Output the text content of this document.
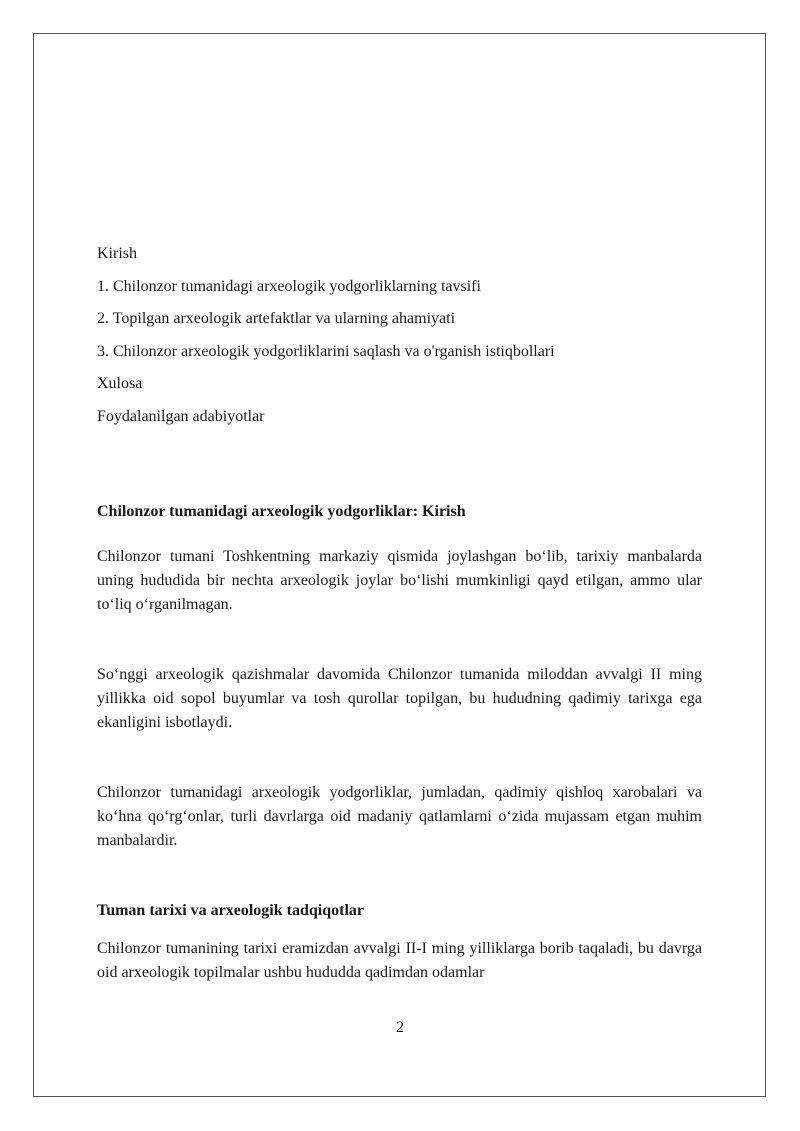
Kirish

1. Chilonzor tumanidagi arxeologik yodgorliklarning tavsifi

2. Topilgan arxeologik artefaktlar va ularning ahamiyati

3. Chilonzor arxeologik yodgorliklarini saqlash va o'rganish istiqbollari

Xulosa

Foydalanilgan adabiyotlar

Chilonzor tumanidagi arxeologik yodgorliklar: Kirish

Chilonzor tumani Toshkentning markaziy qismida joylashgan bo‘lib, tarixiy manbalarda uning hududida bir nechta arxeologik joylar bo‘lishi mumkinligi qayd etilgan, ammo ular to‘liq o‘rganilmagan.

So‘nggi arxeologik qazishmalar davomida Chilonzor tumanida miloddan avvalgi II ming yillikka oid sopol buyumlar va tosh qurollar topilgan, bu hududning qadimiy tarixga ega ekanligini isbotlaydi.

Chilonzor tumanidagi arxeologik yodgorliklar, jumladan, qadimiy qishloq xarobalari va ko‘hna qo‘rg‘onlar, turli davrlarga oid madaniy qatlamlarni o‘zida mujassam etgan muhim manbalardir.

Tuman tarixi va arxeologik tadqiqotlar

Chilonzor tumanining tarixi eramizdan avvalgi II-I ming yilliklarga borib taqaladi, bu davrga oid arxeologik topilmalar ushbu hududda qadimdan odamlar

2
